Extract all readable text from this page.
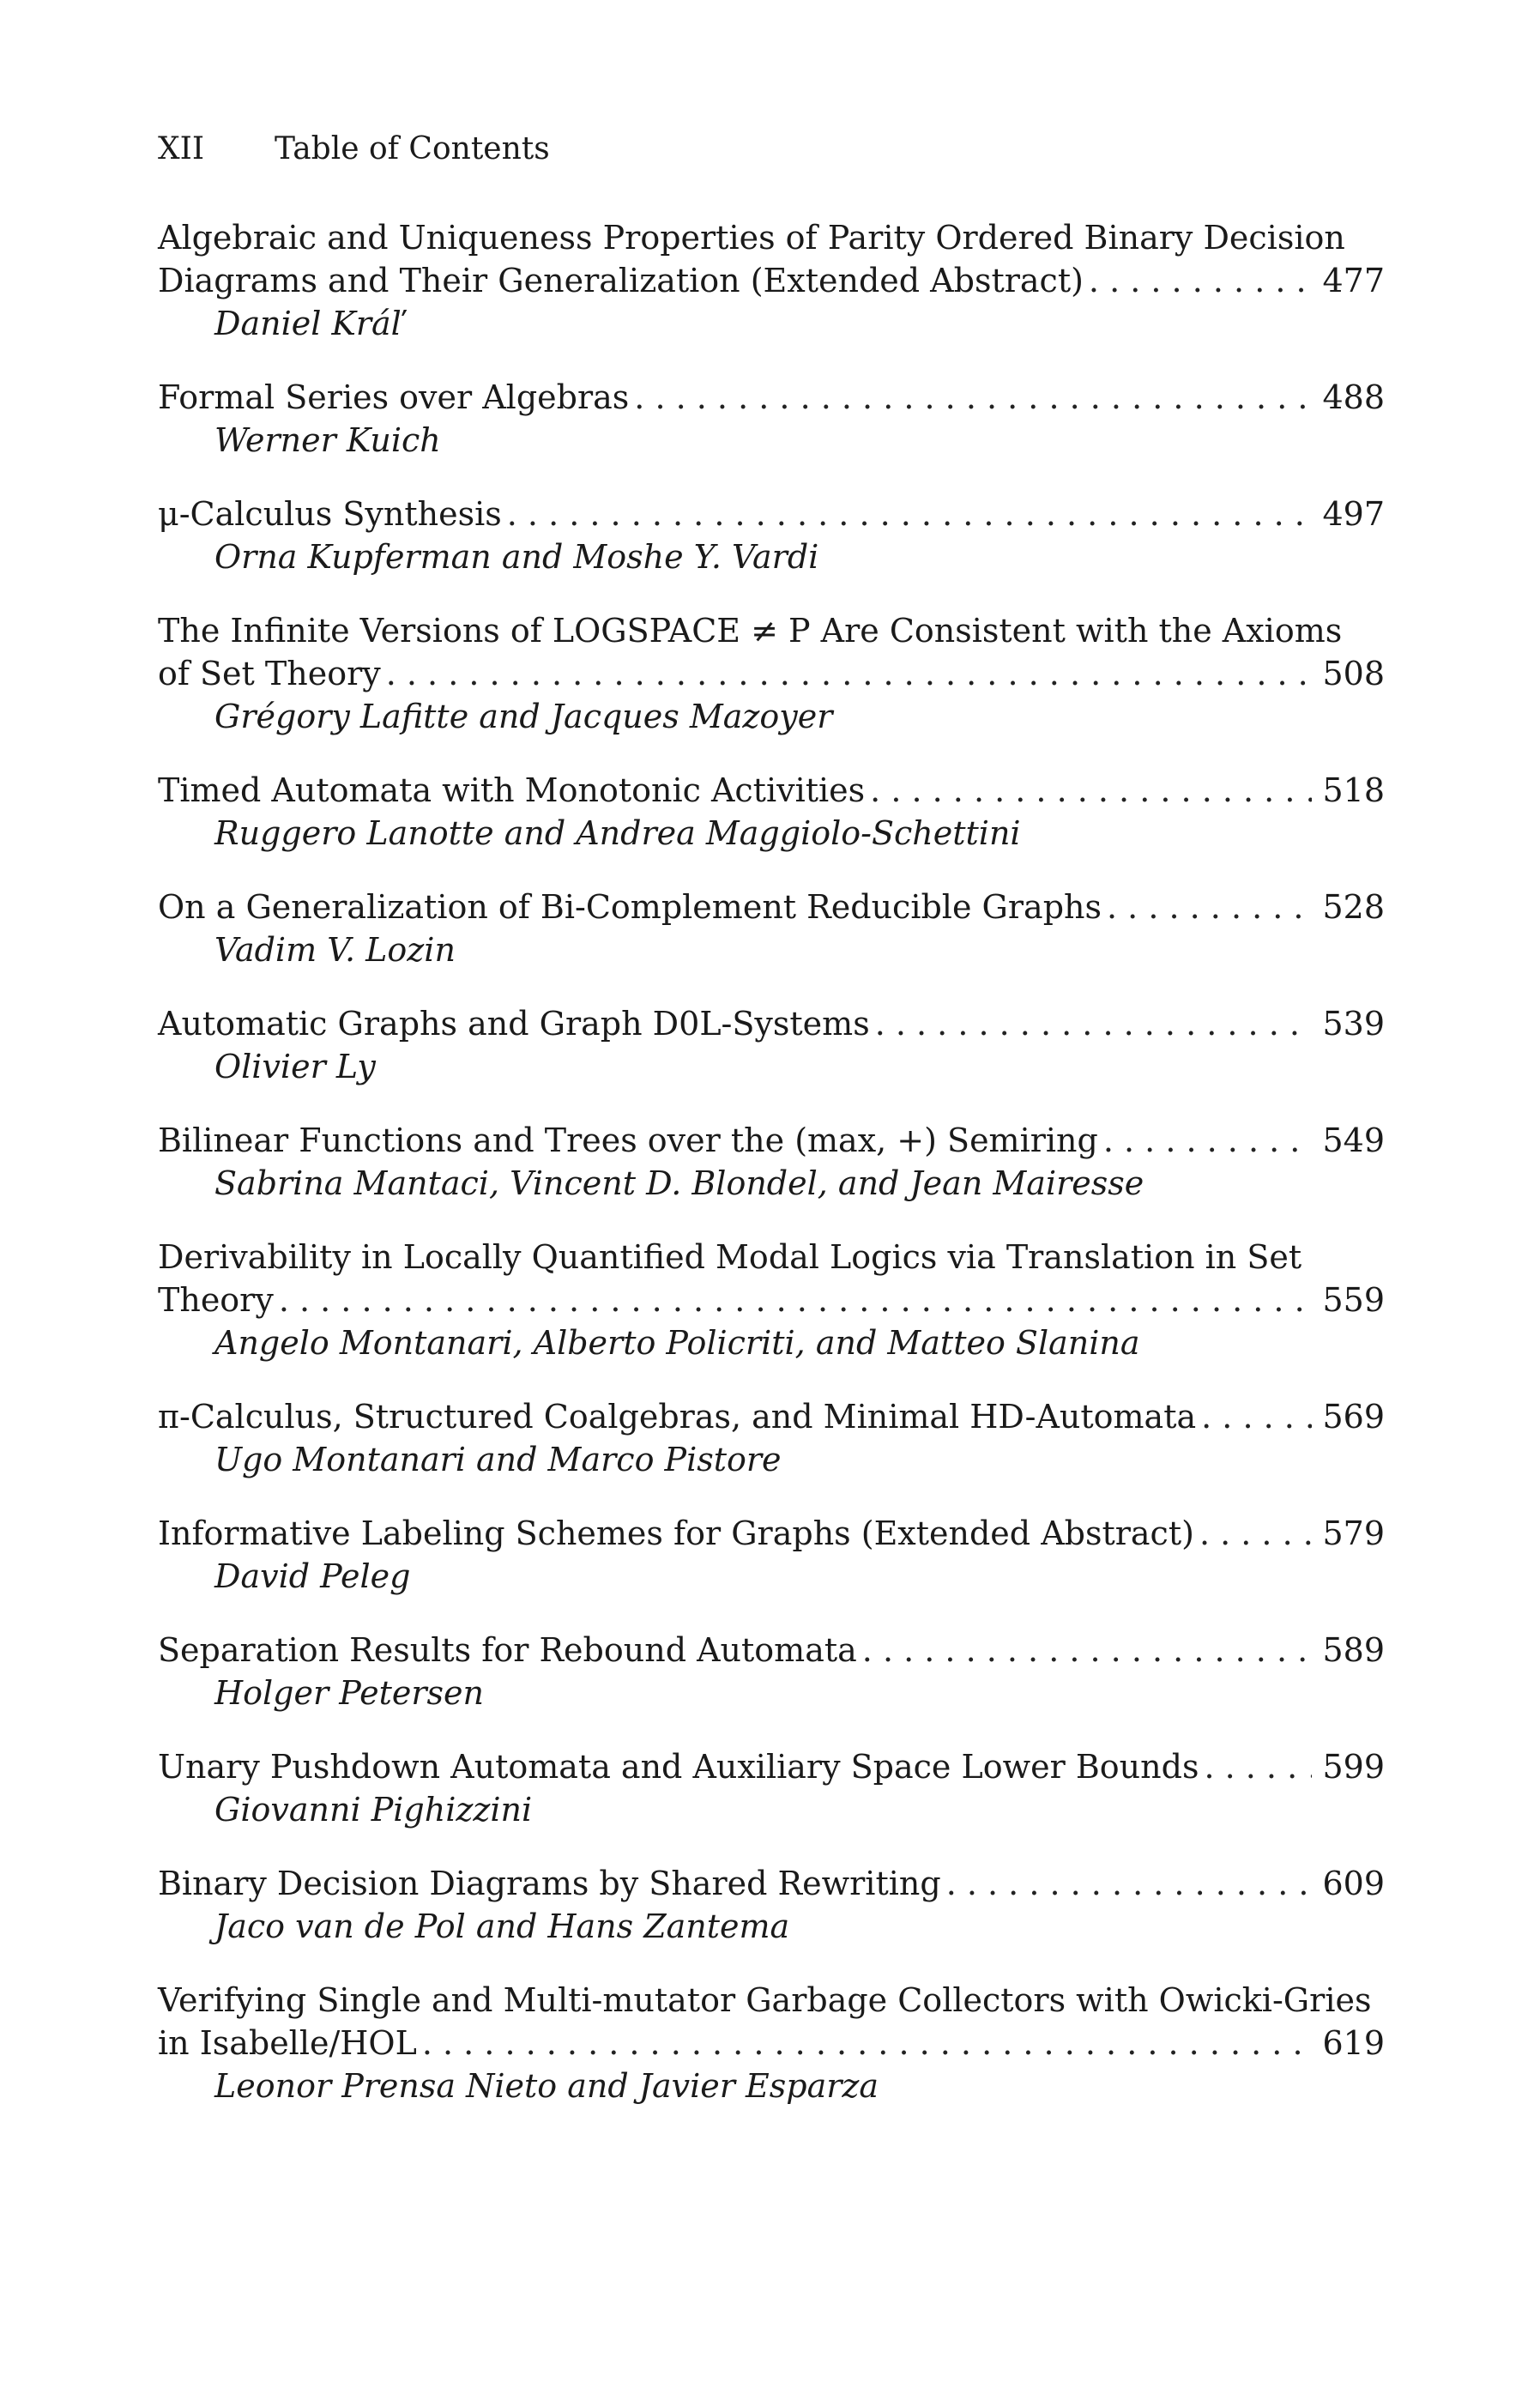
XII Table of Contents
Algebraic and Uniqueness Properties of Parity Ordered Binary Decision
Diagrams and Their Generalization (Extended Abstract) . . .	477
Daniel Kráľ
Formal Series over Algebras . . .	488
Werner Kuich
μ-Calculus Synthesis . . .	497
Orna Kupferman and Moshe Y. Vardi
The Infinite Versions of LOGSPACE ≠ P Are Consistent with the Axioms
of Set Theory . . .	508
Grégory Lafitte and Jacques Mazoyer
Timed Automata with Monotonic Activities . . .	518
Ruggero Lanotte and Andrea Maggiolo-Schettini
On a Generalization of Bi-Complement Reducible Graphs . . .	528
Vadim V. Lozin
Automatic Graphs and Graph D0L-Systems . . .	539
Olivier Ly
Bilinear Functions and Trees over the (max, +) Semiring . . .	549
Sabrina Mantaci, Vincent D. Blondel, and Jean Mairesse
Derivability in Locally Quantified Modal Logics via Translation in Set
Theory . . .	559
Angelo Montanari, Alberto Policriti, and Matteo Slanina
π-Calculus, Structured Coalgebras, and Minimal HD-Automata . . .	569
Ugo Montanari and Marco Pistore
Informative Labeling Schemes for Graphs (Extended Abstract) . . .	579
David Peleg
Separation Results for Rebound Automata . . .	589
Holger Petersen
Unary Pushdown Automata and Auxiliary Space Lower Bounds . . .	599
Giovanni Pighizzini
Binary Decision Diagrams by Shared Rewriting . . .	609
Jaco van de Pol and Hans Zantema
Verifying Single and Multi-mutator Garbage Collectors with Owicki-Gries
in Isabelle/HOL . . .	619
Leonor Prensa Nieto and Javier Esparza
